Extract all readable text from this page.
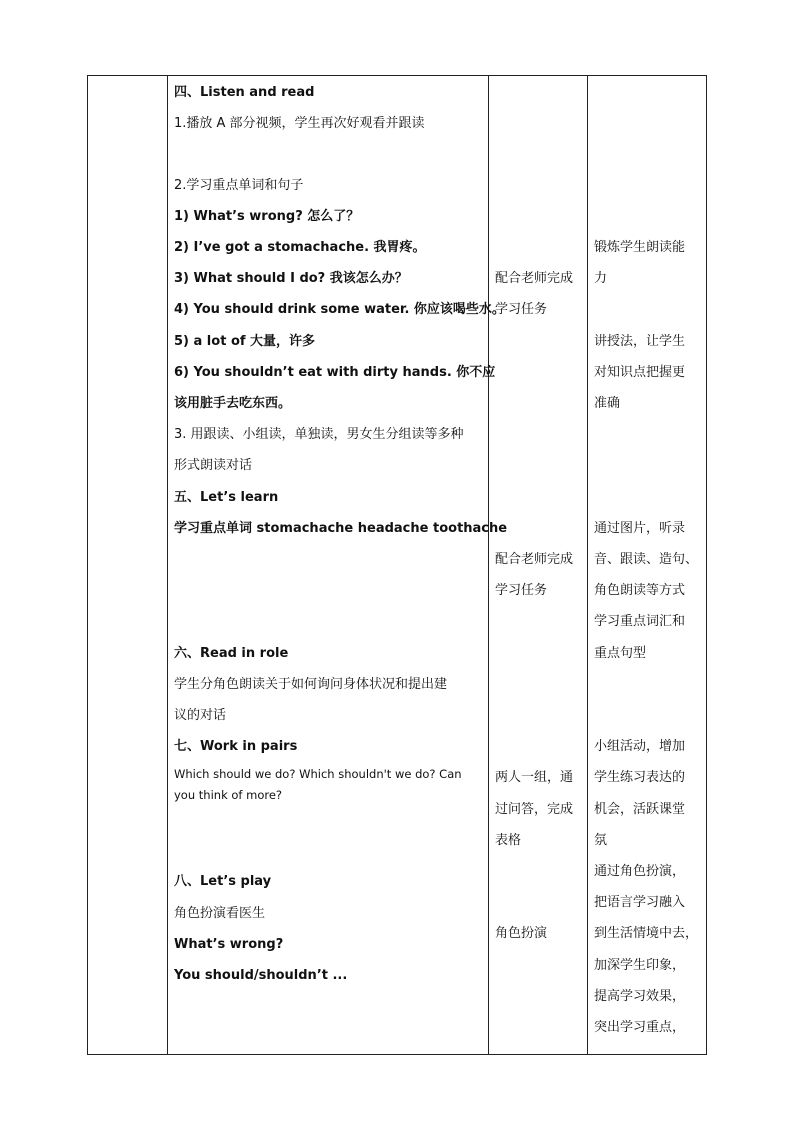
四、Listen and read
1.播放 A 部分视频，学生再次好观看并跟读
2.学习重点单词和句子
1) What’s wrong? 怎么了？
2) I’ve got a stomachache. 我胃疼。
3) What should I do? 我该怎么办？
4) You should drink some water. 你应该喝些水。
5) a lot of 大量，许多
6) You shouldn’t eat with dirty hands. 你不应
该用脏手去吃东西。
3. 用跟读、小组读，单独读，男女生分组读等多种
形式朗读对话
五、Let’s learn
学习重点单词 stomachache headache toothache
六、Read in role
学生分角色朗读关于如何询问身体状况和提出建
议的对话
七、Work in pairs
Which should we do? Which shouldn't we do? Can
you think of more?
八、Let’s play
角色扮演看医生
What’s wrong?
You should/shouldn’t ...
配合老师完成
学习任务
配合老师完成
学习任务
两人一组，通
过问答，完成
表格
角色扮演
锻炼学生朗读能
力
讲授法，让学生
对知识点把握更
准确
通过图片，听录
音、跟读、造句、
角色朗读等方式
学习重点词汇和
重点句型
小组活动，增加
学生练习表达的
机会，活跃课堂
氛
通过角色扮演，
把语言学习融入
到生活情境中去，
加深学生印象，
提高学习效果，
突出学习重点，
